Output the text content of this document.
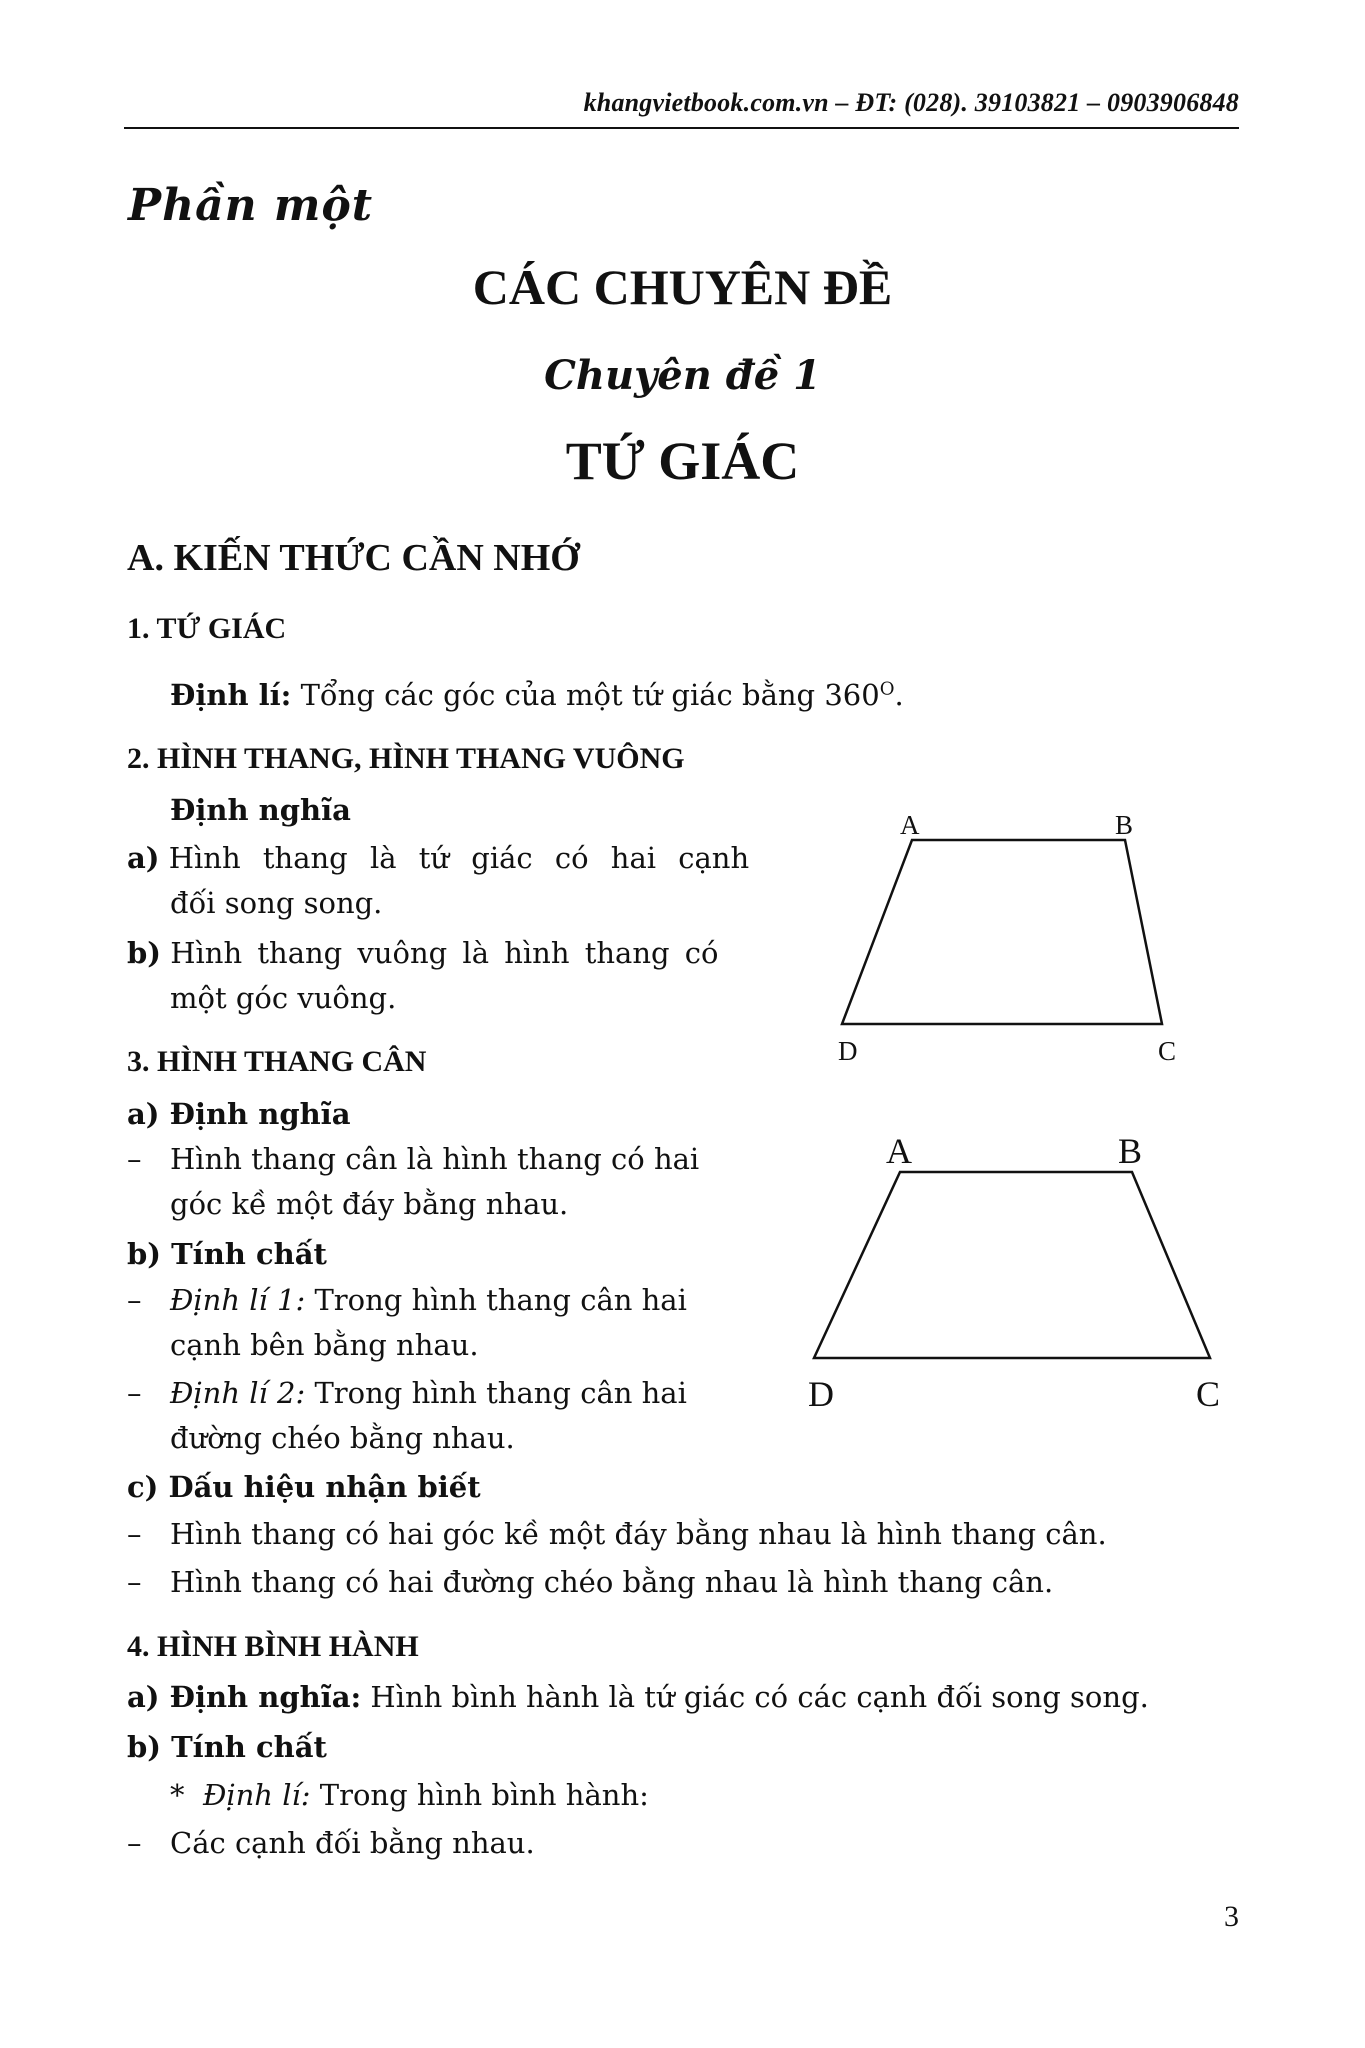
khangvietbook.com.vn – ĐT: (028). 39103821 – 0903906848
Phần một
CÁC CHUYÊN ĐỀ
Chuyên đề 1
TỨ GIÁC
A. KIẾN THỨC CẦN NHỚ
1. TỨ GIÁC
Định lí: Tổng các góc của một tứ giác bằng $360^O$.
2. HÌNH THANG, HÌNH THANG VUÔNG
Định nghĩa
a) Hình thang là tứ giác có hai cạnh
đối song song.
b) Hình thang vuông là hình thang có
một góc vuông.
A	B
C
D
3. HÌNH THANG CÂN
a) Định nghĩa
– Hình thang cân là hình thang có hai
góc kề một đáy bằng nhau.
b) Tính chất
– Định lí 1: Trong hình thang cân hai
cạnh bên bằng nhau.
– Định lí 2: Trong hình thang cân hai
đường chéo bằng nhau.
c) Dấu hiệu nhận biết
– Hình thang có hai góc kề một đáy bằng nhau là hình thang cân.
– Hình thang có hai đường chéo bằng nhau là hình thang cân.
A	B
C
D
4. HÌNH BÌNH HÀNH
a) Định nghĩa: Hình bình hành là tứ giác có các cạnh đối song song.
b) Tính chất
* Định lí: Trong hình bình hành:
– Các cạnh đối bằng nhau.
3
